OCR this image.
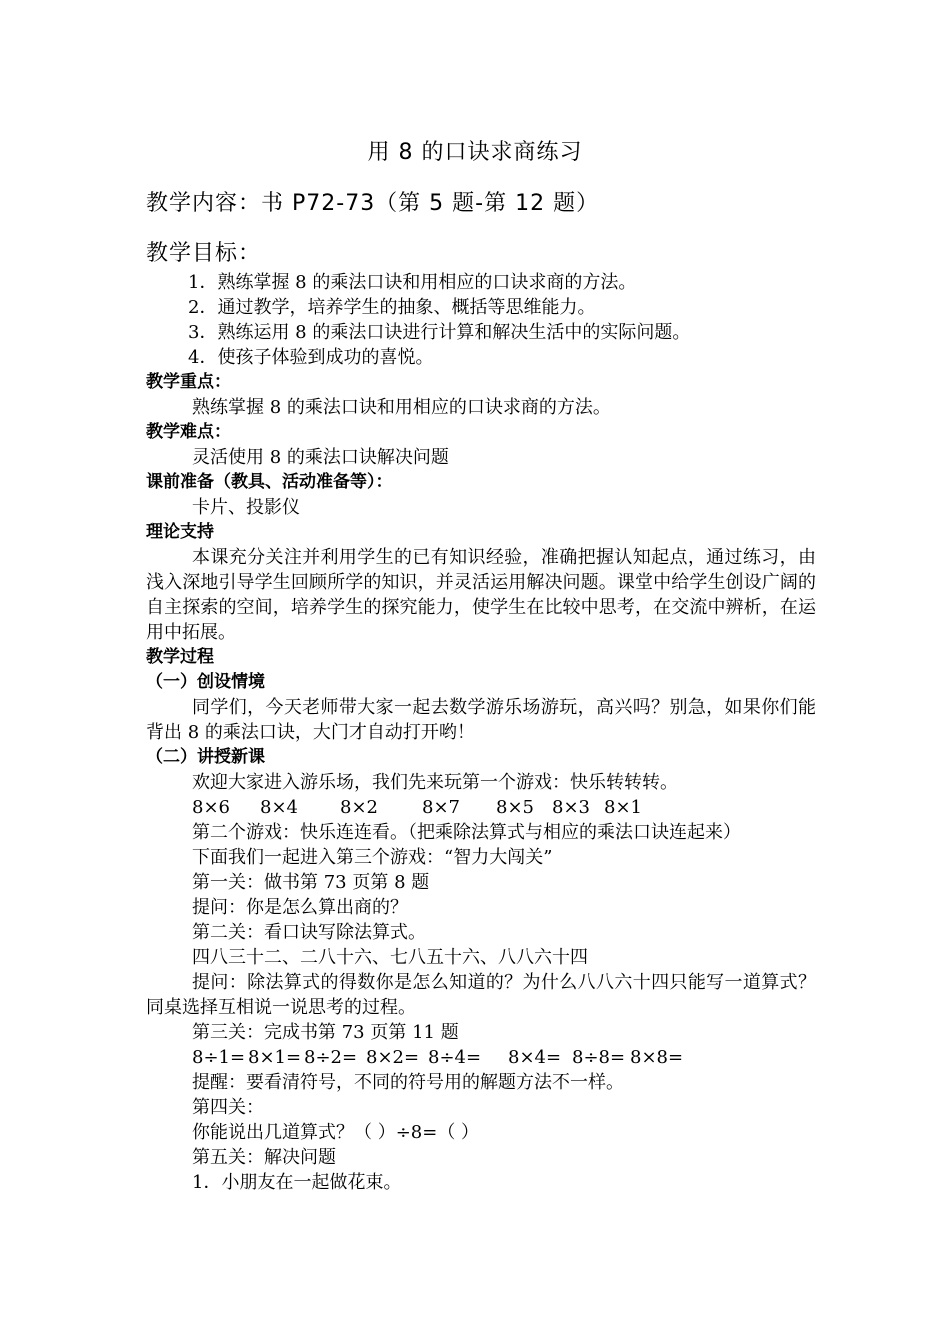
用 8 的口诀求商练习
教学内容：书 P72-73（第 5 题-第 12 题）
教学目标：
1．熟练掌握 8 的乘法口诀和用相应的口诀求商的方法。
2．通过教学，培养学生的抽象、概括等思维能力。
3．熟练运用 8 的乘法口诀进行计算和解决生活中的实际问题。
4．使孩子体验到成功的喜悦。
教学重点：
熟练掌握 8 的乘法口诀和用相应的口诀求商的方法。
教学难点：
灵活使用 8 的乘法口诀解决问题
课前准备（教具、活动准备等）：
卡片、投影仪
理论支持
本课充分关注并利用学生的已有知识经验，准确把握认知起点，通过练习，由浅入深地引导学生回顾所学的知识，并灵活运用解决问题。课堂中给学生创设广阔的自主探索的空间，培养学生的探究能力，使学生在比较中思考，在交流中辨析，在运用中拓展。
教学过程
（一）创设情境
同学们，今天老师带大家一起去数学游乐场游玩，高兴吗？别急，如果你们能背出 8 的乘法口诀，大门才自动打开哟！
（二）讲授新课
欢迎大家进入游乐场，我们先来玩第一个游戏：快乐转转转。
8×6 8×4 8×2 8×7 8×5 8×3 8×1
第二个游戏：快乐连连看。（把乘除法算式与相应的乘法口诀连起来）
下面我们一起进入第三个游戏：“智力大闯关”
第一关：做书第 73 页第 8 题
提问：你是怎么算出商的？
第二关：看口诀写除法算式。
四八三十二、二八十六、七八五十六、八八六十四
提问：除法算式的得数你是怎么知道的？为什么八八六十四只能写一道算式？同桌选择互相说一说思考的过程。
第三关：完成书第 73 页第 11 题
8÷1= 8×1= 8÷2= 8×2= 8÷4= 8×4= 8÷8= 8×8=
提醒：要看清符号，不同的符号用的解题方法不一样。
第四关：
你能说出几道算式？（ ）÷8=（ ）
第五关：解决问题
1．小朋友在一起做花束。
